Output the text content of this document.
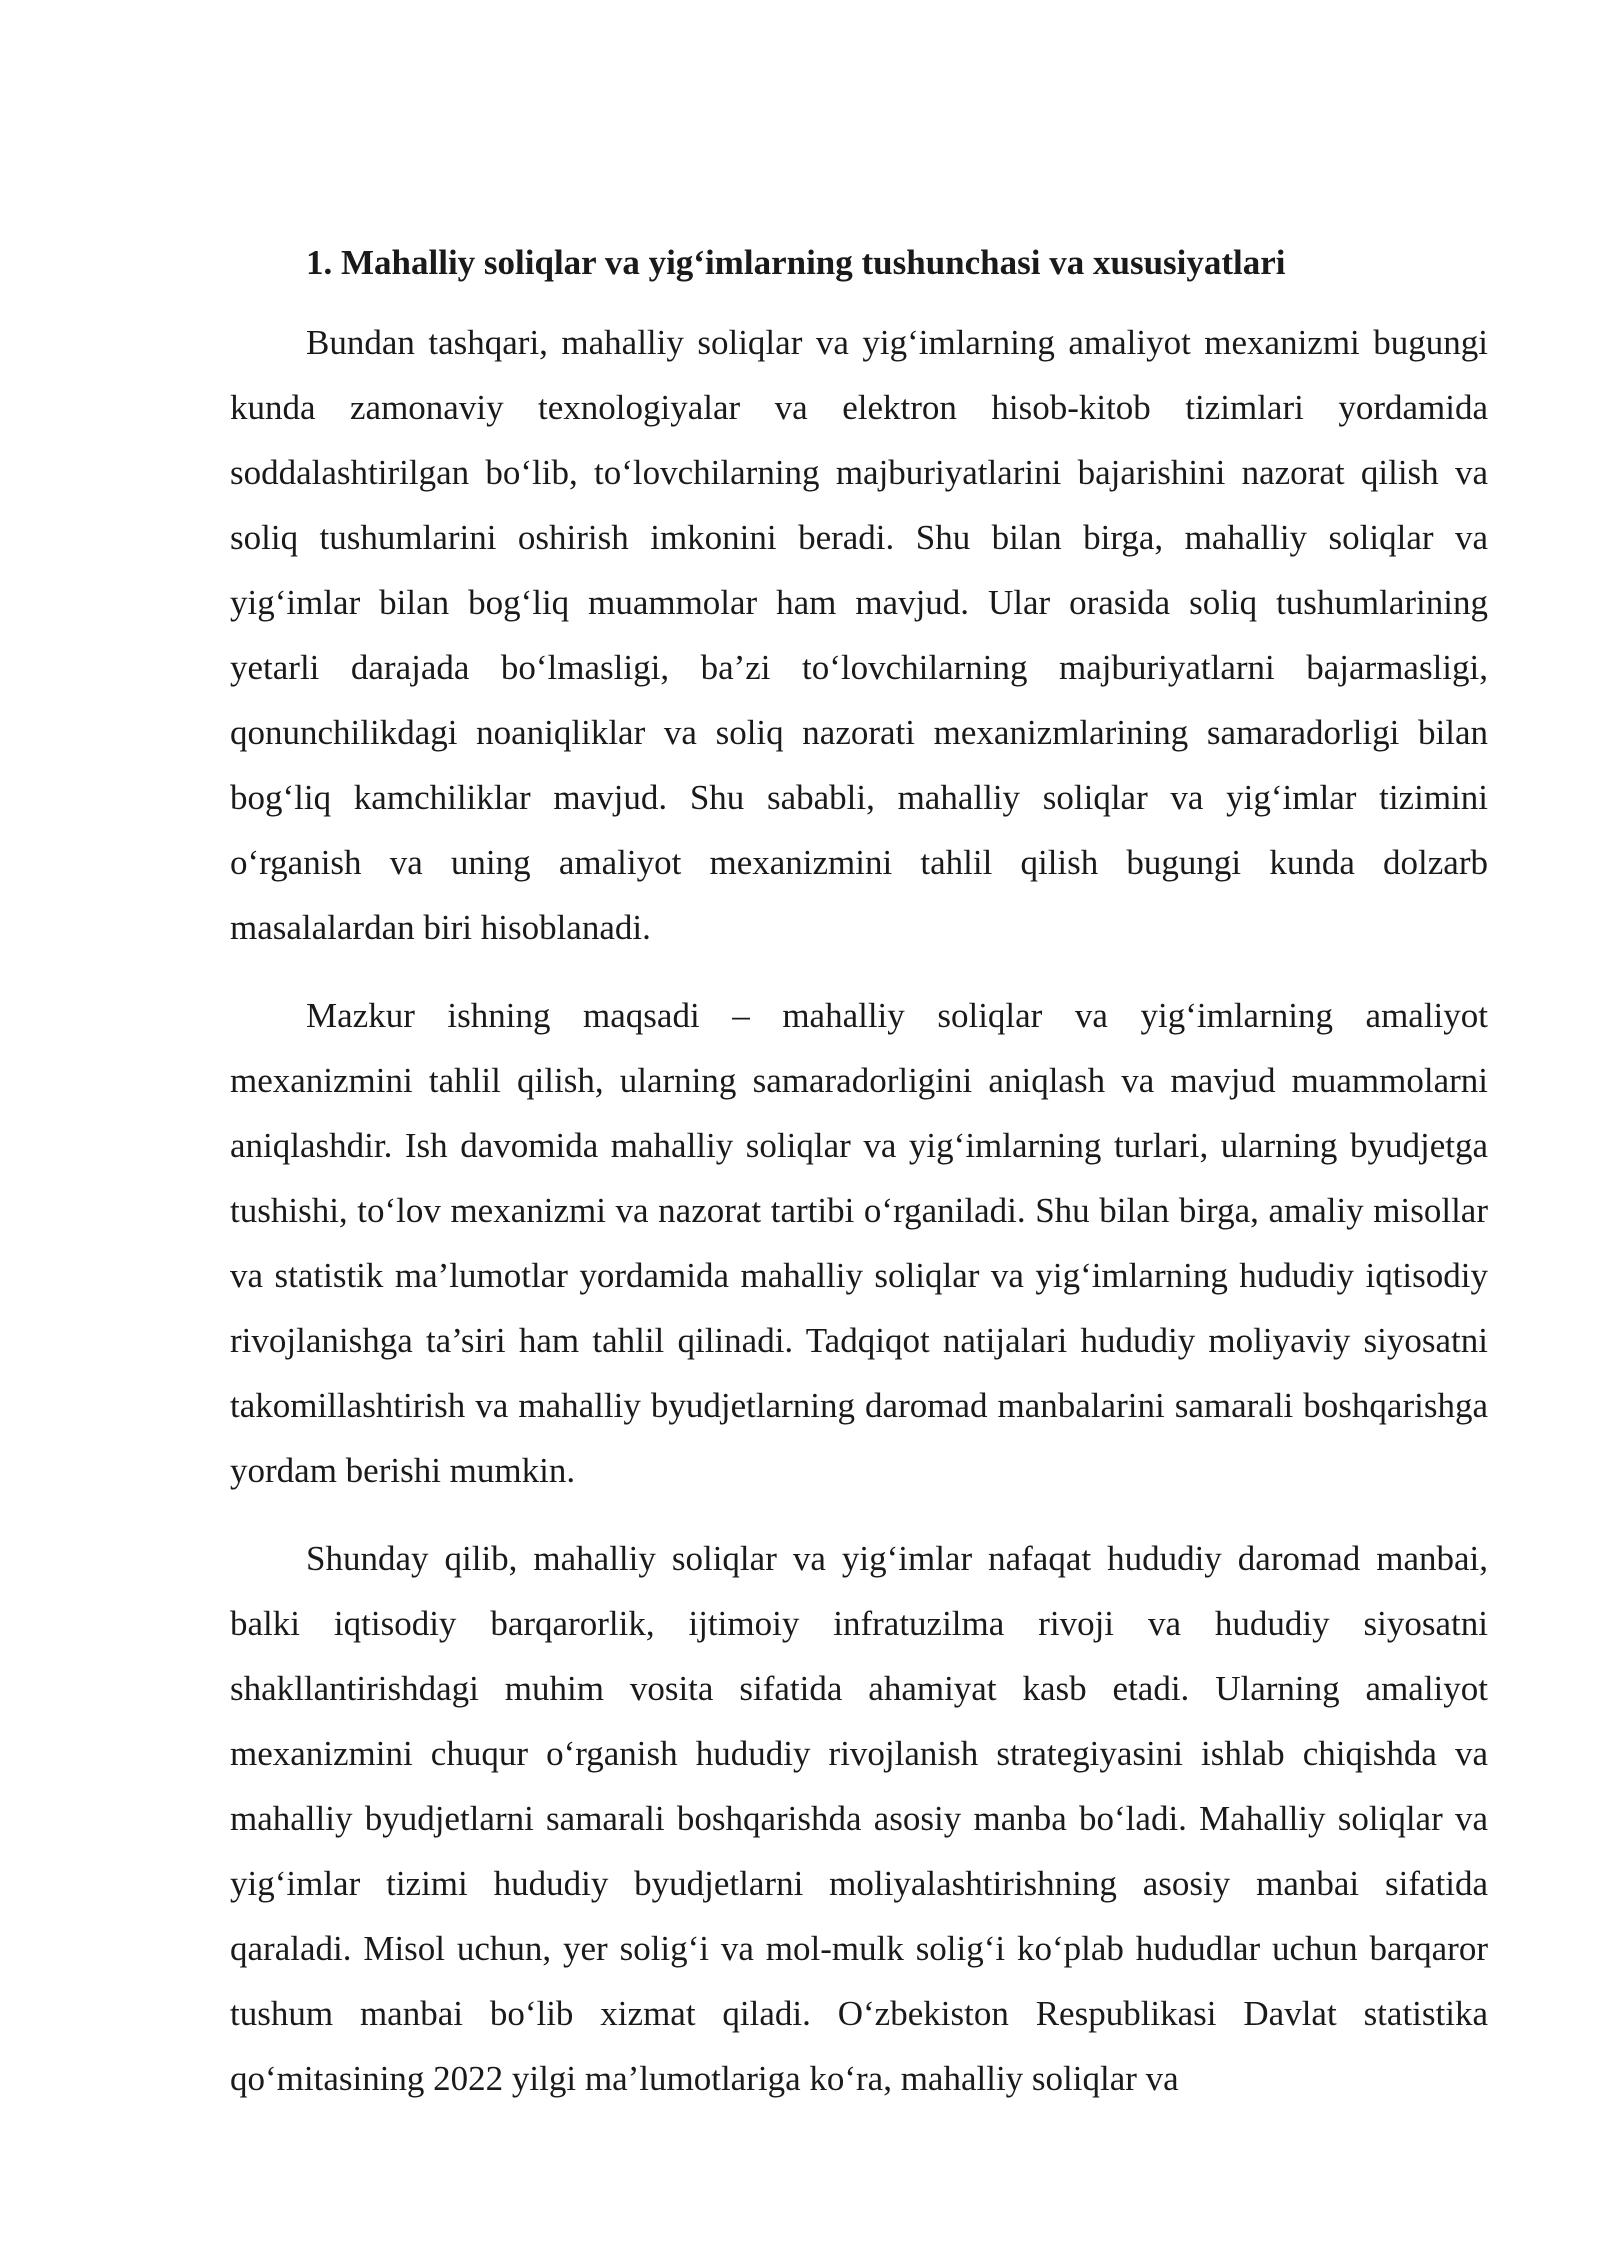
1. Mahalliy soliqlar va yig‘imlarning tushunchasi va xususiyatlari

Bundan tashqari, mahalliy soliqlar va yig‘imlarning amaliyot mexanizmi bugungi kunda zamonaviy texnologiyalar va elektron hisob-kitob tizimlari yordamida soddalashtirilgan bo‘lib, to‘lovchilarning majburiyatlarini bajarishini nazorat qilish va soliq tushumlarini oshirish imkonini beradi. Shu bilan birga, mahalliy soliqlar va yig‘imlar bilan bog‘liq muammolar ham mavjud. Ular orasida soliq tushumlarining yetarli darajada bo‘lmasligi, ba’zi to‘lovchilarning majburiyatlarni bajarmasligi, qonunchilikdagi noaniqliklar va soliq nazorati mexanizmlarining samaradorligi bilan bog‘liq kamchiliklar mavjud. Shu sababli, mahalliy soliqlar va yig‘imlar tizimini o‘rganish va uning amaliyot mexanizmini tahlil qilish bugungi kunda dolzarb masalalardan biri hisoblanadi.

Mazkur ishning maqsadi – mahalliy soliqlar va yig‘imlarning amaliyot mexanizmini tahlil qilish, ularning samaradorligini aniqlash va mavjud muammolarni aniqlashdir. Ish davomida mahalliy soliqlar va yig‘imlarning turlari, ularning byudjetga tushishi, to‘lov mexanizmi va nazorat tartibi o‘rganiladi. Shu bilan birga, amaliy misollar va statistik ma’lumotlar yordamida mahalliy soliqlar va yig‘imlarning hududiy iqtisodiy rivojlanishga ta’siri ham tahlil qilinadi. Tadqiqot natijalari hududiy moliyaviy siyosatni takomillashtirish va mahalliy byudjetlarning daromad manbalarini samarali boshqarishga yordam berishi mumkin.

Shunday qilib, mahalliy soliqlar va yig‘imlar nafaqat hududiy daromad manbai, balki iqtisodiy barqarorlik, ijtimoiy infratuzilma rivoji va hududiy siyosatni shakllantirishdagi muhim vosita sifatida ahamiyat kasb etadi. Ularning amaliyot mexanizmini chuqur o‘rganish hududiy rivojlanish strategiyasini ishlab chiqishda va mahalliy byudjetlarni samarali boshqarishda asosiy manba bo‘ladi. Mahalliy soliqlar va yig‘imlar tizimi hududiy byudjetlarni moliyalashtirishning asosiy manbai sifatida qaraladi. Misol uchun, yer solig‘i va mol-mulk solig‘i ko‘plab hududlar uchun barqaror tushum manbai bo‘lib xizmat qiladi. O‘zbekiston Respublikasi Davlat statistika qo‘mitasining 2022 yilgi ma’lumotlariga ko‘ra, mahalliy soliqlar va
